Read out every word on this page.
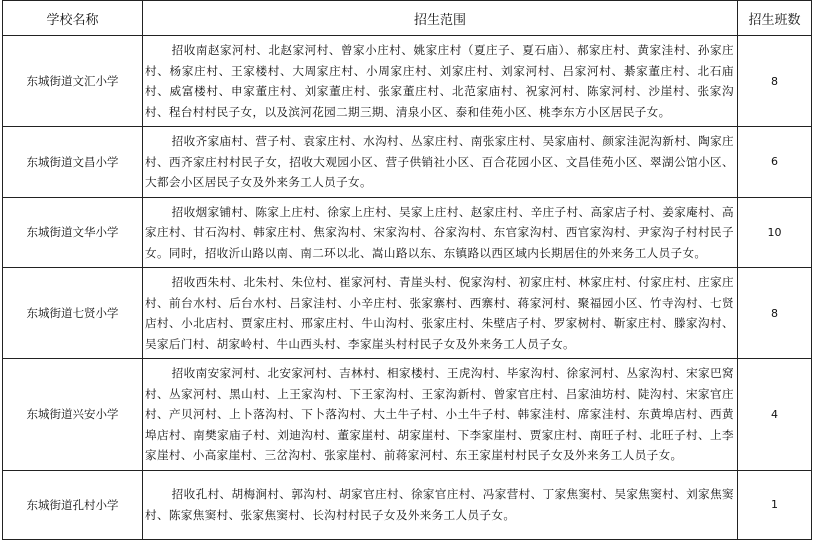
学校名称	招生范围	招生班数
东城街道文汇小学	招收南赵家河村、北赵家河村、曾家小庄村、姚家庄村（夏庄子、夏石庙）、郝家庄村、黄家洼村、孙家庄村、杨家庄村、王家楼村、大周家庄村、小周家庄村、刘家庄村、刘家河村、吕家河村、綦家董庄村、北石庙村、威富楼村、申家董庄村、刘家董庄村、张家董庄村、北范家庙村、祝家河村、陈家河村、沙崖村、张家沟村、程台村村民子女，以及滨河花园二期三期、清泉小区、泰和佳苑小区、桃李东方小区居民子女。	8
东城街道文昌小学	招收齐家庙村、营子村、袁家庄村、水沟村、丛家庄村、南张家庄村、吴家庙村、颜家洼泥沟新村、陶家庄村、西齐家庄村村民子女，招收大观园小区、营子供销社小区、百合花园小区、文昌佳苑小区、翠湖公馆小区、大都会小区居民子女及外来务工人员子女。	6
东城街道文华小学	招收烟家铺村、陈家上庄村、徐家上庄村、吴家上庄村、赵家庄村、辛庄子村、高家店子村、姜家庵村、高家庄村、甘石沟村、韩家庄村、焦家沟村、宋家沟村、谷家沟村、东官家沟村、西官家沟村、尹家沟子村村民子女。同时，招收沂山路以南、南二环以北、嵩山路以东、东镇路以西区域内长期居住的外来务工人员子女。	10
东城街道七贤小学	招收西朱村、北朱村、朱位村、崔家河村、青崖头村、倪家沟村、初家庄村、林家庄村、付家庄村、庄家庄村、前台水村、后台水村、吕家洼村、小辛庄村、张家寨村、西寨村、蒋家河村、聚福园小区、竹寺沟村、七贤店村、小北店村、贾家庄村、邢家庄村、牛山沟村、张家庄村、朱壁店子村、罗家树村、靳家庄村、滕家沟村、吴家后门村、胡家岭村、牛山西头村、李家崖头村村民子女及外来务工人员子女。	8
东城街道兴安小学	招收南安家河村、北安家河村、吉林村、相家楼村、王虎沟村、毕家沟村、徐家河村、丛家沟村、宋家巴窝村、丛家河村、黑山村、上王家沟村、下王家沟村、王家沟新村、曾家官庄村、吕家油坊村、陡沟村、宋家官庄村、产贝河村、上卜落沟村、下卜落沟村、大土牛子村、小土牛子村、韩家洼村、席家洼村、东黄埠店村、西黄埠店村、南樊家庙子村、刘迪沟村、董家崖村、胡家崖村、下李家崖村、贾家庄村、南旺子村、北旺子村、上李家崖村、小高家崖村、三岔沟村、张家崖村、前蒋家河村、东王家崖村村民子女及外来务工人员子女。	4
东城街道孔村小学	招收孔村、胡梅涧村、郭沟村、胡家官庄村、徐家官庄村、冯家营村、丁家焦窦村、吴家焦窦村、刘家焦窦村、陈家焦窦村、张家焦窦村、长沟村村民子女及外来务工人员子女。	1
